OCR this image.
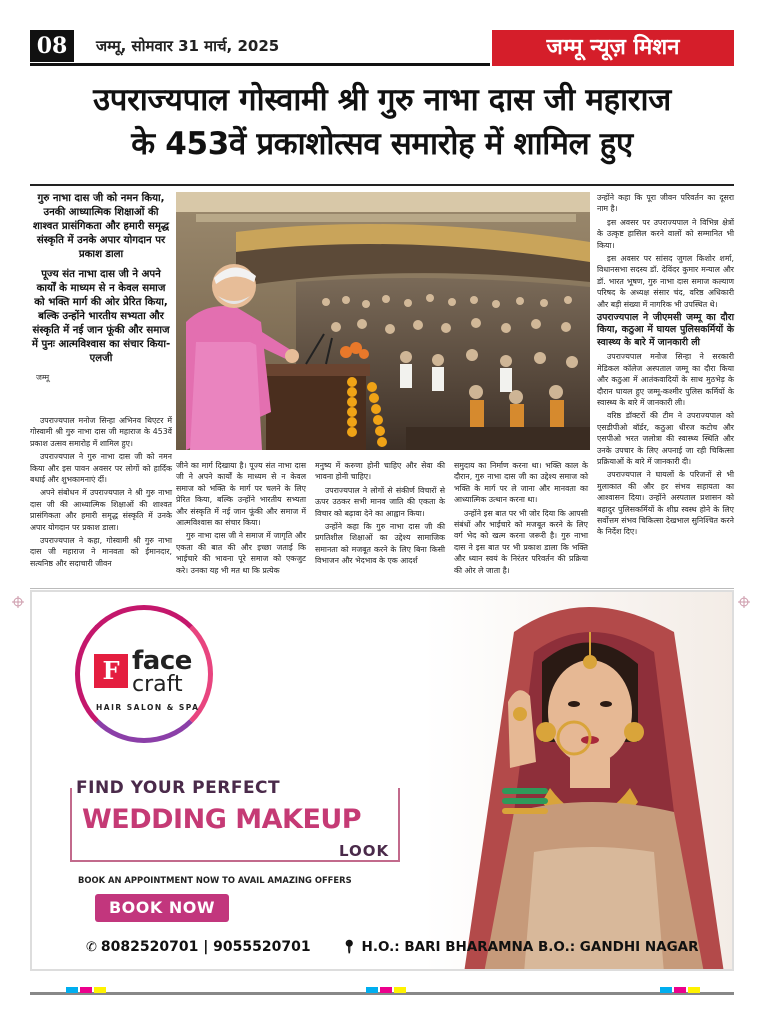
08	जम्मू, सोमवार 31 मार्च, 2025	जम्मू न्यूज़ मिशन
उपराज्यपाल गोस्वामी श्री गुरु नाभा दास जी महाराज
के 453वें प्रकाशोत्सव समारोह में शामिल हुए

गुरु नाभा दास जी को नमन किया, उनकी आध्यात्मिक शिक्षाओं की शाश्वत प्रासंगिकता और हमारी समृद्ध संस्कृति में उनके अपार योगदान पर प्रकाश डाला

पूज्य संत नाभा दास जी ने अपने कार्यों के माध्यम से न केवल समाज को भक्ति मार्ग की ओर प्रेरित किया, बल्कि उन्होंने भारतीय सभ्यता और संस्कृति में नई जान फूंकी और समाज में पुनः आत्मविश्वास का संचार किया-एलजी

जम्मू

उपराज्यपाल मनोज सिन्हा अभिनव थिएटर में गोस्वामी श्री गुरु नाभा दास जी महाराज के 453वें प्रकाश उत्सव समारोह में शामिल हुए।

उपराज्यपाल ने गुरु नाभा दास जी को नमन किया और इस पावन अवसर पर लोगों को हार्दिक बधाई और शुभकामनाएं दीं।

अपने संबोधन में उपराज्यपाल ने श्री गुरु नाभा दास जी की आध्यात्मिक शिक्षाओं की शाश्वत प्रासंगिकता और हमारी समृद्ध संस्कृति में उनके अपार योगदान पर प्रकाश डाला।

उपराज्यपाल ने कहा, गोस्वामी श्री गुरु नाभा दास जी महाराज ने मानवता को ईमानदार, सत्यनिष्ठ और सदाचारी जीवन

जीने का मार्ग दिखाया है। पूज्य संत नाभा दास जी ने अपने कार्यों के माध्यम से न केवल समाज को भक्ति के मार्ग पर चलने के लिए प्रेरित किया, बल्कि उन्होंने भारतीय सभ्यता और संस्कृति में नई जान फूंकी और समाज में आत्मविश्वास का संचार किया।

गुरु नाभा दास जी ने समाज में जागृति और एकता की बात की और इच्छा जताई कि भाईचारे की भावना पूरे समाज को एकजुट करे। उनका यह भी मत था कि प्रत्येक

मनुष्य में करुणा होनी चाहिए और सेवा की भावना होनी चाहिए।

उपराज्यपाल ने लोगों से संकीर्ण विचारों से ऊपर उठकर सभी मानव जाति की एकता के विचार को बढ़ावा देने का आह्वान किया।

उन्होंने कहा कि गुरु नाभा दास जी की प्रगतिशील शिक्षाओं का उद्देश्य सामाजिक समानता को मजबूत करने के लिए बिना किसी विभाजन और भेदभाव के एक आदर्श

समुदाय का निर्माण करना था। भक्ति काल के दौरान, गुरु नाभा दास जी का उद्देश्य समाज को भक्ति के मार्ग पर ले जाना और मानवता का आध्यात्मिक उत्थान करना था।

उन्होंने इस बात पर भी जोर दिया कि आपसी संबंधों और भाईचारे को मजबूत करने के लिए वर्ग भेद को खत्म करना जरूरी है। गुरु नाभा दास ने इस बात पर भी प्रकाश डाला कि भक्ति और ध्यान स्वयं के निरंतर परिवर्तन की प्रक्रिया की ओर ले जाता है।

उन्होंने कहा कि पूरा जीवन परिवर्तन का दूसरा नाम है।

इस अवसर पर उपराज्यपाल ने विभिन्न क्षेत्रों के उत्कृष्ट हासिल करने वालों को सम्मानित भी किया।

इस अवसर पर सांसद जुगल किशोर शर्मा, विधानसभा सदस्य डॉ. देविंदर कुमार मन्याल और डॉ. भारत भूषण, गुरु नाभा दास समाज कल्याण परिषद के अध्यक्ष संसार चंद, वरिष्ठ अधिकारी और बड़ी संख्या में नागरिक भी उपस्थित थे।

उपराज्यपाल ने जीएमसी जम्मू का दौरा किया, कठुआ में घायल पुलिसकर्मियों के स्वास्थ्य के बारे में जानकारी ली

उपराज्यपाल मनोज सिन्हा ने सरकारी मेडिकल कॉलेज अस्पताल जम्मू का दौरा किया और कठुआ में आतंकवादियों के साथ मुठभेड़ के दौरान घायल हुए जम्मू-कश्मीर पुलिस कर्मियों के स्वास्थ्य के बारे में जानकारी ली।

वरिष्ठ डॉक्टरों की टीम ने उपराज्यपाल को एसडीपीओ बॉर्डर, कठुआ धीरज कटोच और एसपीओ भरत जलोत्रा की स्वास्थ्य स्थिति और उनके उपचार के लिए अपनाई जा रही चिकित्सा प्रक्रियाओं के बारे में जानकारी दी।

उपराज्यपाल ने घायलों के परिजनों से भी मुलाकात की और हर संभव सहायता का आश्वासन दिया। उन्होंने अस्पताल प्रशासन को बहादुर पुलिसकर्मियों के शीघ्र स्वस्थ होने के लिए सर्वोत्तम संभव चिकित्सा देखभाल सुनिश्चित करने के निर्देश दिए।

F face
craft
HAIR SALON & SPA
FIND YOUR PERFECT
WEDDING MAKEUP
LOOK
BOOK AN APPOINTMENT NOW TO AVAIL AMAZING OFFERS
BOOK NOW
✆ 8082520701 | 9055520701 📍︎ H.O.: BARI BHARAMNA B.O.: GANDHI NAGAR
